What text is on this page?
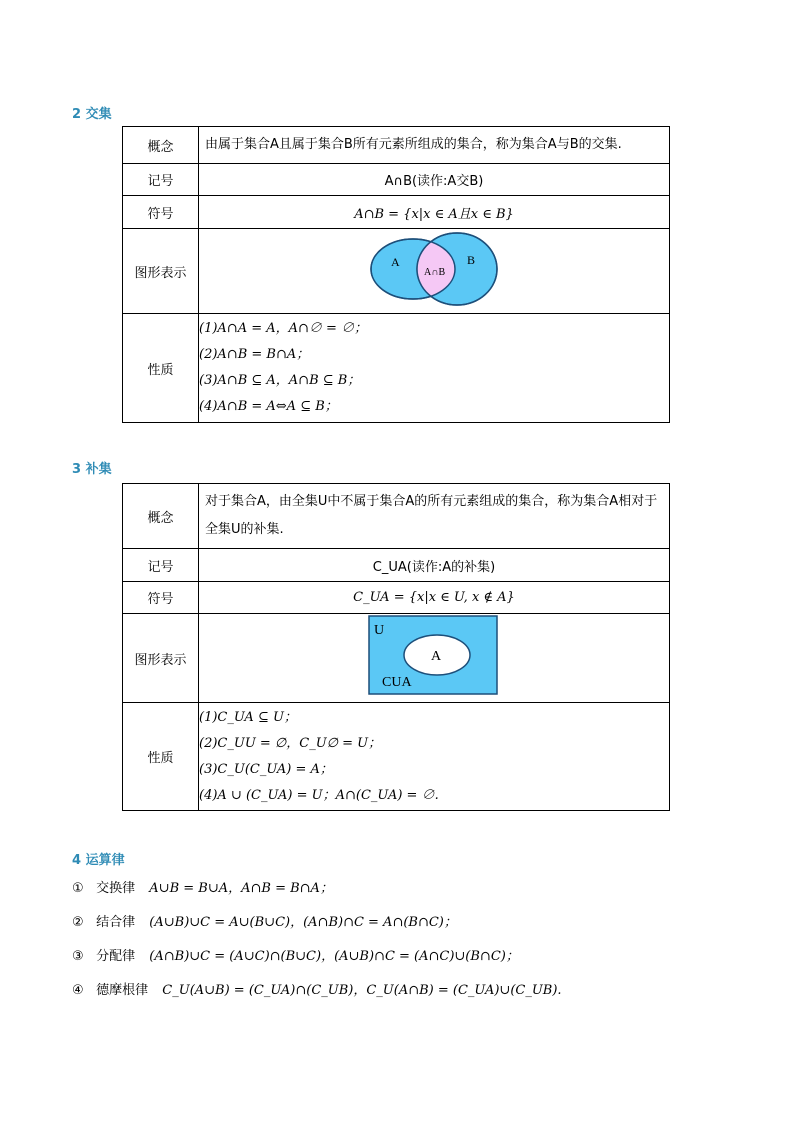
2 交集
概念	由属于集合A且属于集合B所有元素所组成的集合，称为集合A与B的交集.
记号	A∩B(读作:A交B)
符号	A∩B = {x|x ∈ A且x ∈ B}
图形表示	A B
A∩B

性质	(1)A∩A = A，A∩∅ = ∅；
(2)A∩B = B∩A；
(3)A∩B ⊆ A，A∩B ⊆ B；
(4)A∩B = A⇔A ⊆ B；
3 补集
概念	对于集合A，由全集U中不属于集合A的所有元素组成的集合，称为集合A相对于全集U的补集.
记号	C_UA(读作:A的补集)
符号	C_UA = {x|x ∈ U, x ∉ A}
图形表示	U
A
CUA

性质	(1)C_UA ⊆ U；
(2)C_UU = ∅，C_U∅ = U；
(3)C_U(C_UA) = A；
(4)A ∪ (C_UA) = U；A∩(C_UA) = ∅.
4 运算律
① 交换律 A∪B = B∪A，A∩B = B∩A；
② 结合律 (A∪B)∪C = A∪(B∪C)，(A∩B)∩C = A∩(B∩C)；
③ 分配律 (A∩B)∪C = (A∪C)∩(B∪C)，(A∪B)∩C = (A∩C)∪(B∩C)；
④ 德摩根律 C_U(A∪B) = (C_UA)∩(C_UB)，C_U(A∩B) = (C_UA)∪(C_UB).
